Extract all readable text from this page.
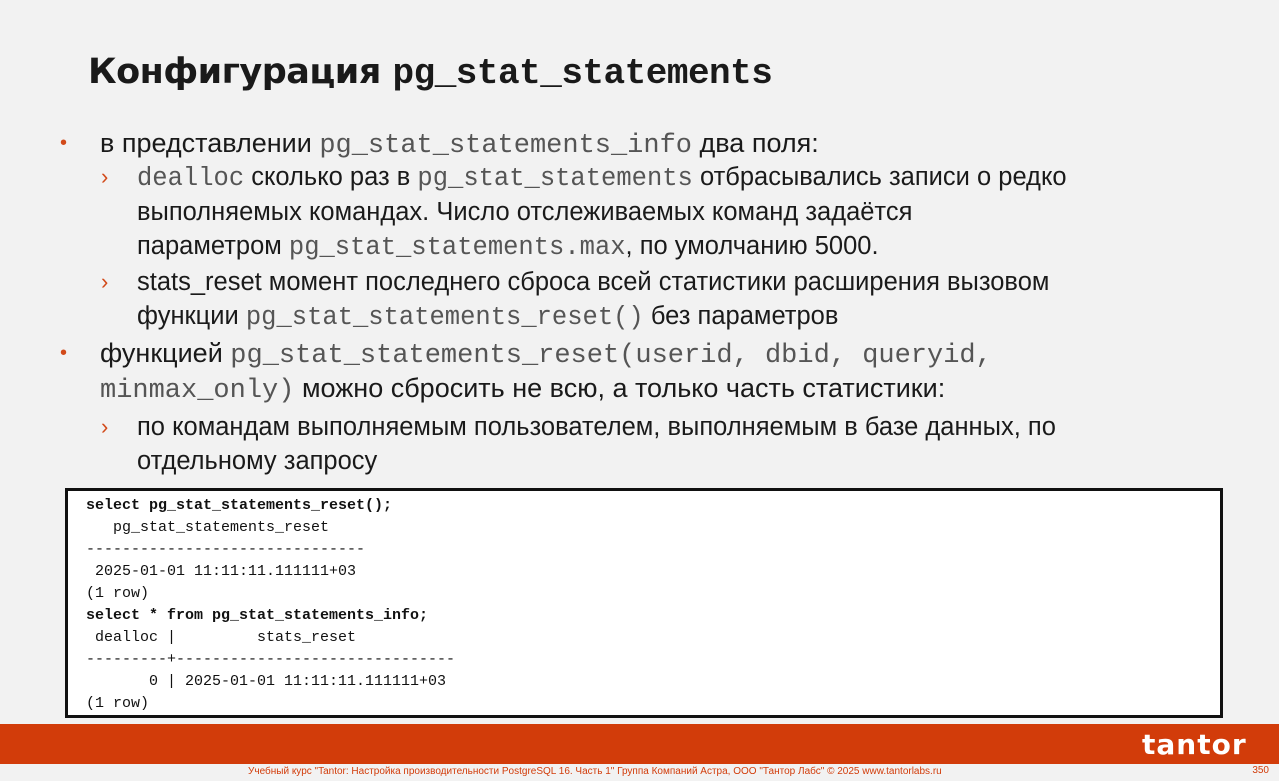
Конфигурация pg_stat_statements
• в представлении pg_stat_statements_info два поля:
› dealloc сколько раз в pg_stat_statements отбрасывались записи о редко
выполняемых командах. Число отслеживаемых команд задаётся
параметром pg_stat_statements.max, по умолчанию 5000.
› stats_reset момент последнего сброса всей статистики расширения вызовом
функции pg_stat_statements_reset() без параметров
• функцией pg_stat_statements_reset(userid, dbid, queryid,
minmax_only) можно сбросить не всю, а только часть статистики:
› по командам выполняемым пользователем, выполняемым в базе данных, по
отдельному запросу
select pg_stat_statements_reset();
pg_stat_statements_reset
-------------------------------
2025-01-01 11:11:11.111111+03
(1 row)
select * from pg_stat_statements_info;
dealloc |         stats_reset
---------+-------------------------------
0 | 2025-01-01 11:11:11.111111+03
(1 row)
tantor
Учебный курс "Tantor: Настройка производительности PostgreSQL 16. Часть 1" Группа Компаний Астра, ООО "Тантор Лабс" © 2025 www.tantorlabs.ru	350
